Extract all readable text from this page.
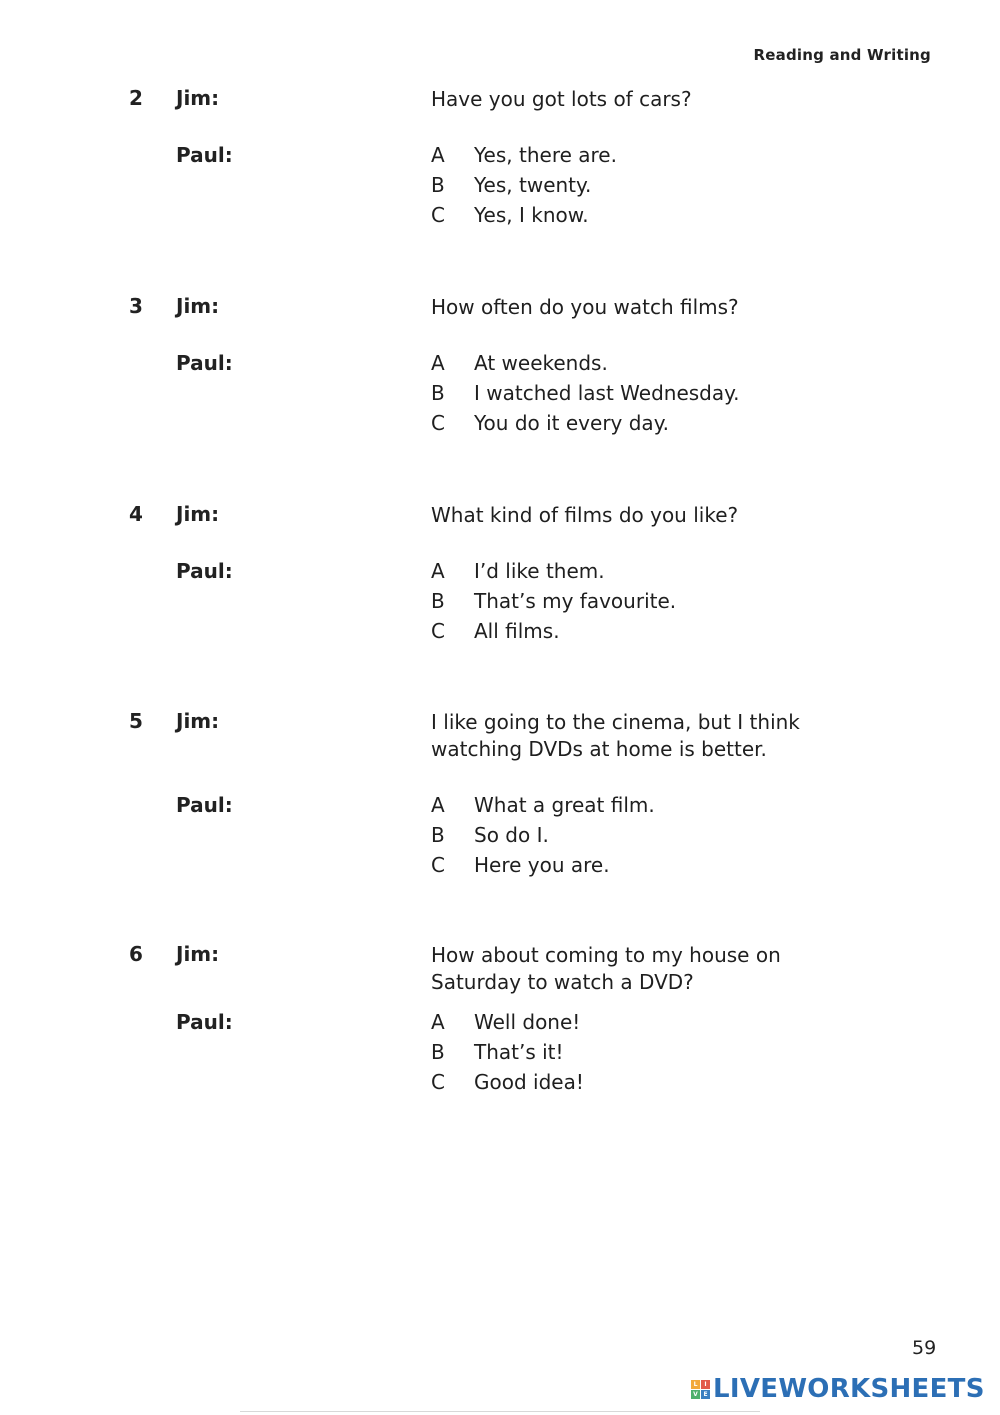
Reading and Writing
2 Jim:	Have you got lots of cars?
Paul:	A	Yes, there are.
B	Yes, twenty.
C	Yes, I know.
3 Jim:	How often do you watch films?
Paul:	A	At weekends.
B	I watched last Wednesday.
C	You do it every day.
4 Jim:	What kind of films do you like?
Paul:	A	I’d like them.
B	That’s my favourite.
C	All films.
5 Jim:	I like going to the cinema, but I think watching DVDs at home is better.
Paul:	A	What a great film.
B	So do I.
C	Here you are.
6 Jim:	How about coming to my house on Saturday to watch a DVD?
Paul:	A	Well done!
B	That’s it!
C	Good idea!
59
L	I
V E LIVEWORKSHEETS
